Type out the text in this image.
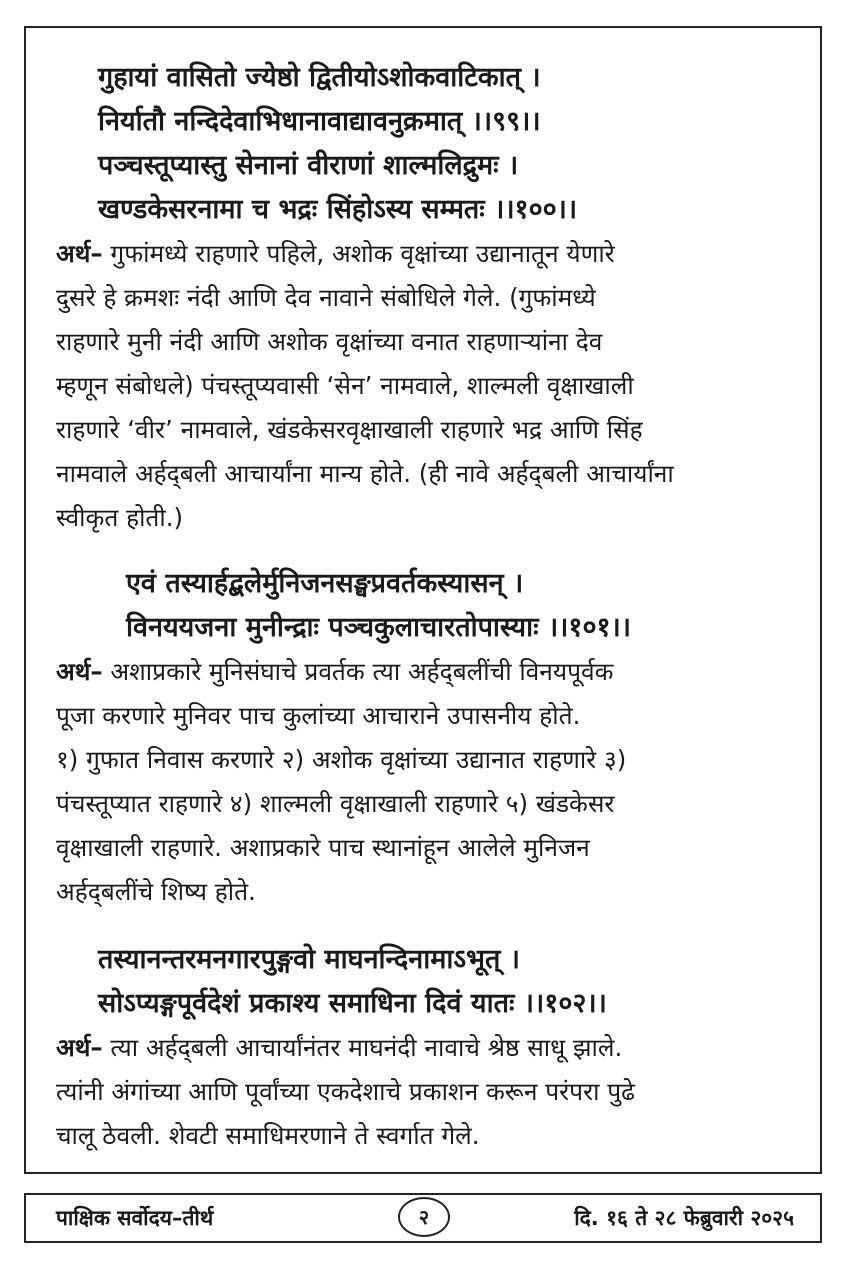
गुहायां वासितो ज्येष्ठो द्वितीयोऽशोकवाटिकात् ।
निर्यातौ नन्दिदेवाभिधानावाद्यावनुक्रमात् ।।९९।।
पञ्चस्तूप्यास्तु सेनानां वीराणां शाल्मलिद्रुमः ।
खण्डकेसरनामा च भद्रः सिंहोऽस्य सम्मतः ।।१००।।
अर्थ– गुफांमध्ये राहणारे पहिले, अशोक वृक्षांच्या उद्यानातून येणारे
दुसरे हे क्रमशः नंदी आणि देव नावाने संबोधिले गेले. (गुफांमध्ये
राहणारे मुनी नंदी आणि अशोक वृक्षांच्या वनात राहणाऱ्यांना देव
म्हणून संबोधले) पंचस्तूप्यवासी ‘सेन’ नामवाले, शाल्मली वृक्षाखाली
राहणारे ‘वीर’ नामवाले, खंडकेसरवृक्षाखाली राहणारे भद्र आणि सिंह
नामवाले अर्हद्‌बली आचार्यांना मान्य होते. (ही नावे अर्हद्‌बली आचार्यांना
स्वीकृत होती.)
एवं तस्यार्हद्बलेर्मुनिजनसङ्घप्रवर्तकस्यासन् ।
विनययजना मुनीन्द्राः पञ्चकुलाचारतोपास्याः ।।१०१।।
अर्थ– अशाप्रकारे मुनिसंघाचे प्रवर्तक त्या अर्हद्‌बलींची विनयपूर्वक
पूजा करणारे मुनिवर पाच कुलांच्या आचाराने उपासनीय होते.
१) गुफात निवास करणारे २) अशोक वृक्षांच्या उद्यानात राहणारे ३)
पंचस्तूप्यात राहणारे ४) शाल्मली वृक्षाखाली राहणारे ५) खंडकेसर
वृक्षाखाली राहणारे. अशाप्रकारे पाच स्थानांहून आलेले मुनिजन
अर्हद्‌बलींचे शिष्य होते.
तस्यानन्तरमनगारपुङ्गवो माघनन्दिनामाऽभूत् ।
सोऽप्यङ्गपूर्वदेशं प्रकाश्य समाधिना दिवं यातः ।।१०२।।
अर्थ– त्या अर्हद्‌बली आचार्यांनंतर माघनंदी नावाचे श्रेष्ठ साधू झाले.
त्यांनी अंगांच्या आणि पूर्वांच्या एकदेशाचे प्रकाशन करून परंपरा पुढे
चालू ठेवली. शेवटी समाधिमरणाने ते स्वर्गात गेले.
पाक्षिक सर्वोदय–तीर्थ	२	दि. १६ ते २८ फेब्रुवारी २०२५
